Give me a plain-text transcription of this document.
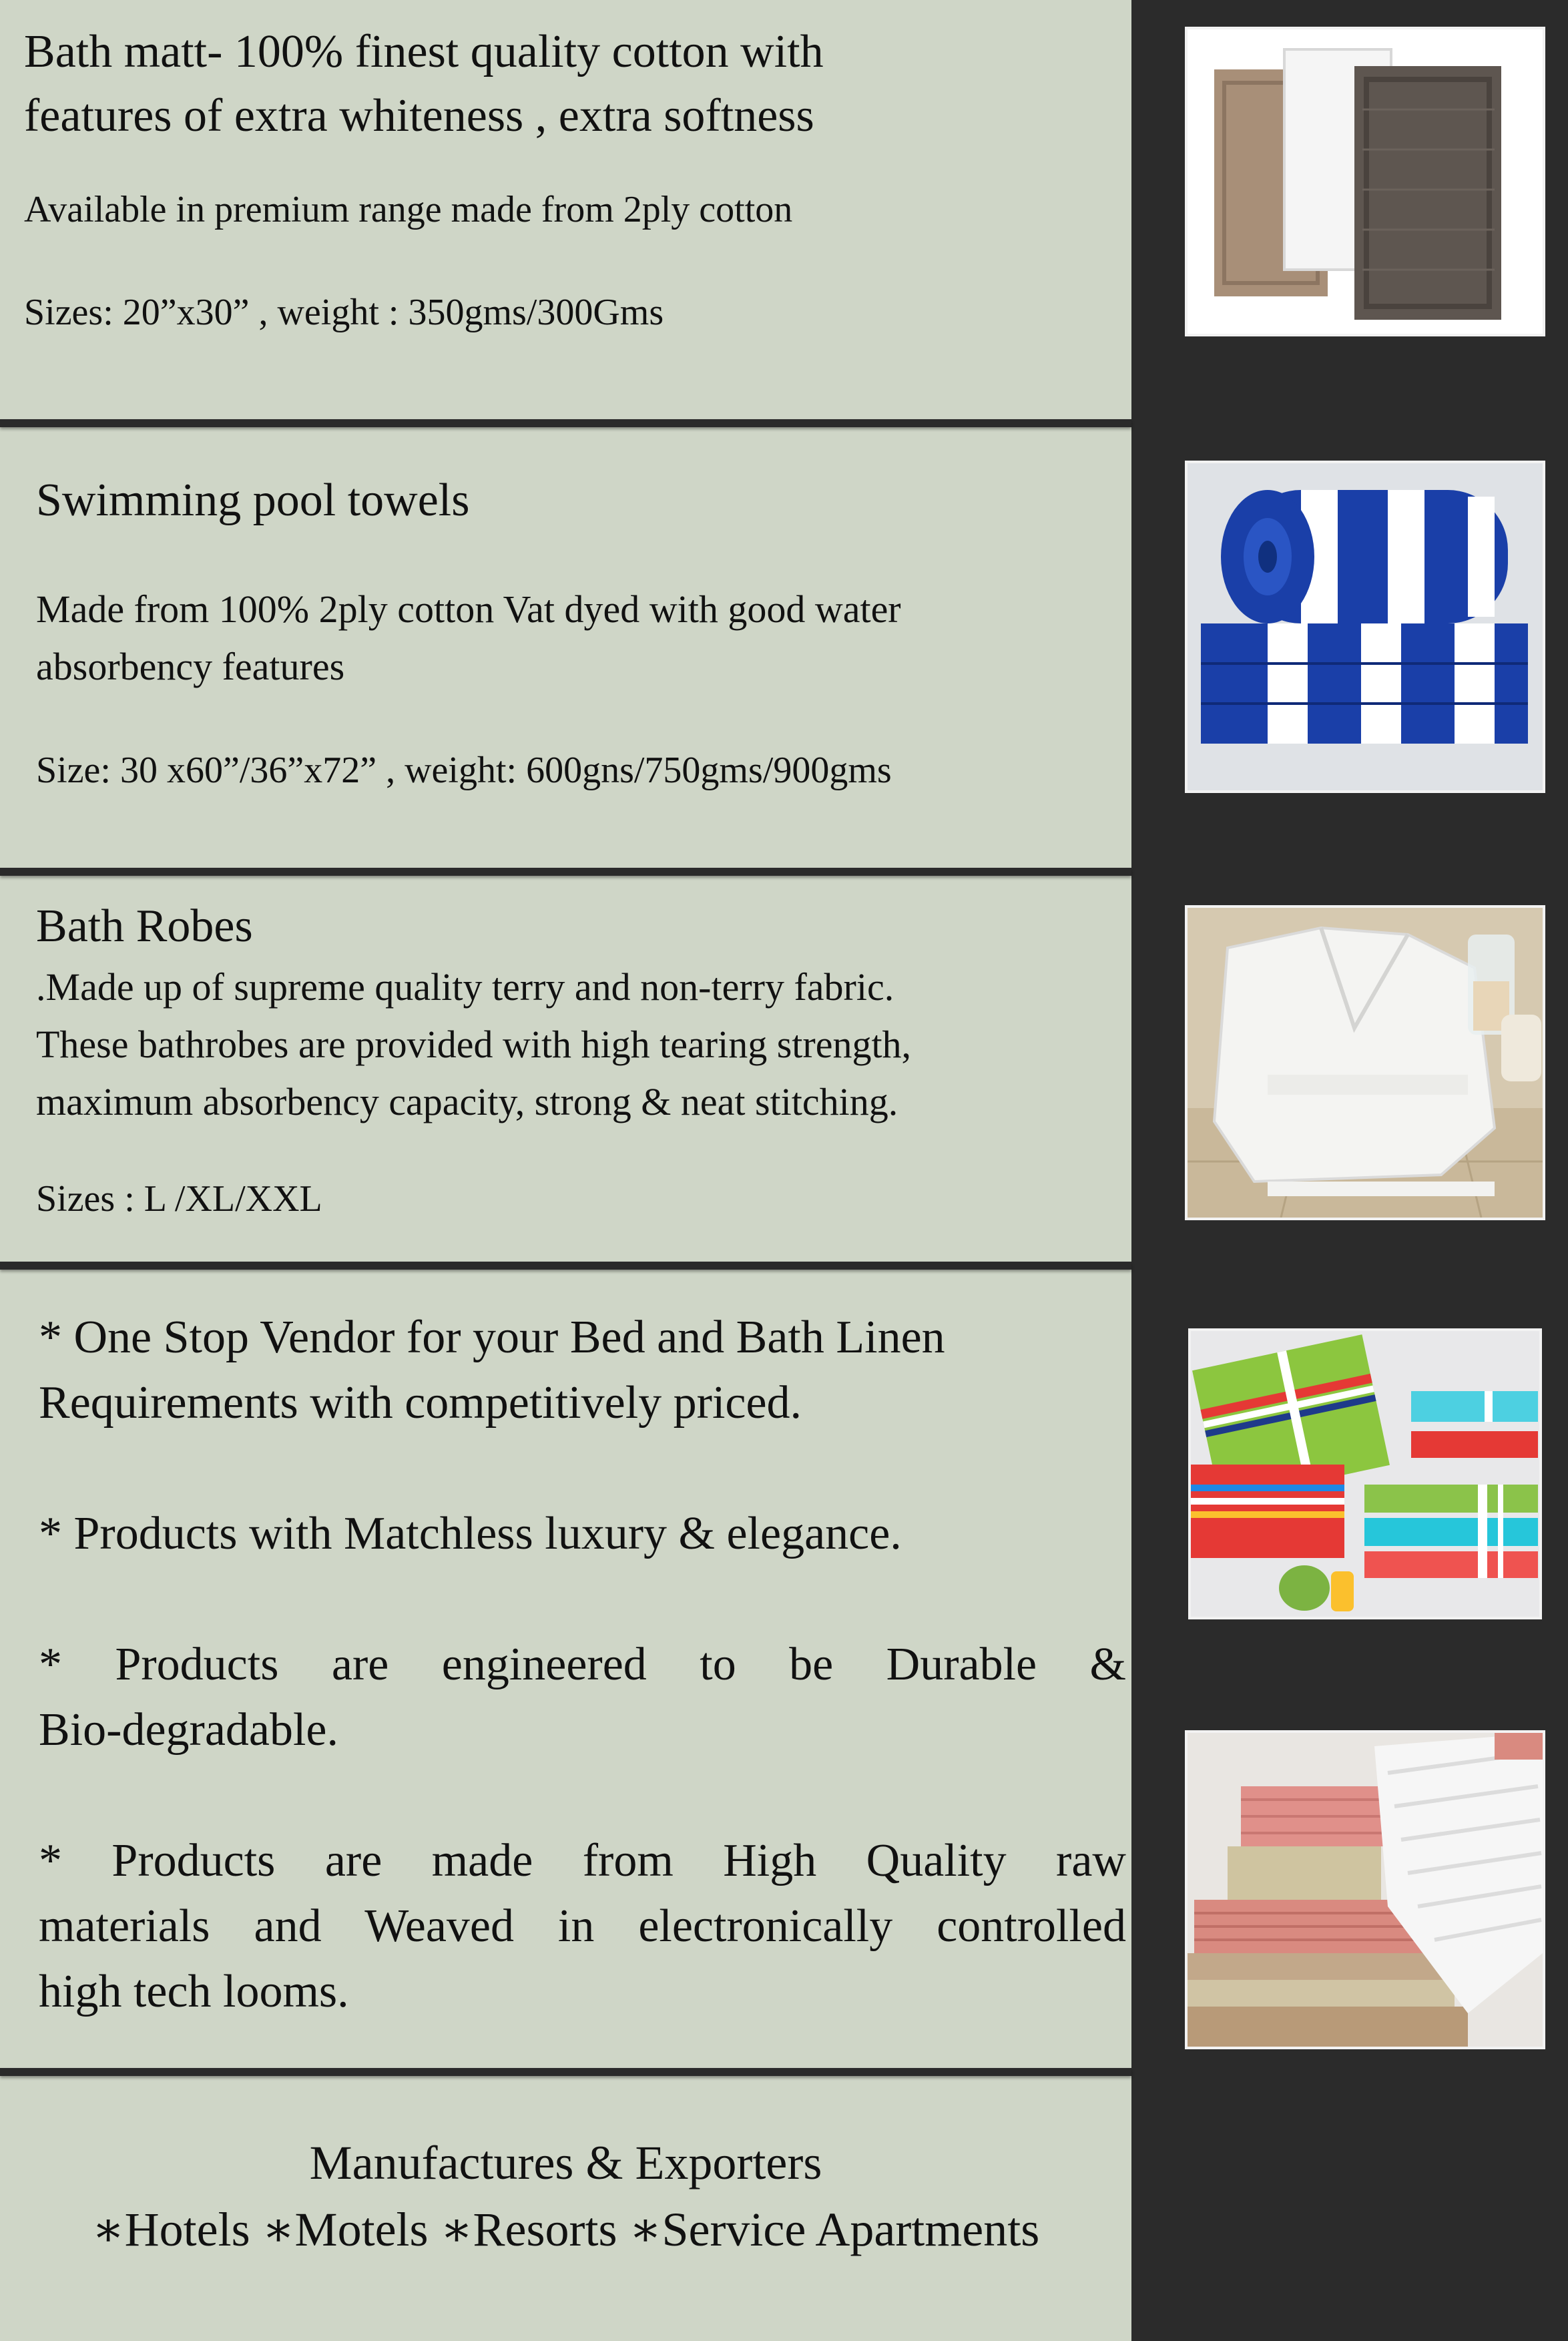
Bath matt- 100% finest quality cotton with

features of extra whiteness , extra softness

Available in premium range made from 2ply cotton

Sizes: 20”x30” , weight : 350gms/300Gms

Swimming pool towels

Made from 100% 2ply cotton Vat dyed with good water

absorbency features

Size: 30 x60”/36”x72” , weight: 600gns/750gms/900gms

Bath Robes

.Made up of supreme quality terry and non-terry fabric.

These bathrobes are provided with high tearing strength,

maximum absorbency capacity, strong & neat stitching.

Sizes : L /XL/XXL

* One Stop Vendor for your Bed and Bath Linen

Requirements with competitively priced.

* Products with Matchless luxury & elegance.

* Products are engineered to be Durable &

Bio-degradable.

* Products are made from High Quality raw

materials and Weaved in electronically controlled

high tech looms.

Manufactures & Exporters

∗Hotels ∗Motels ∗Resorts ∗Service Apartments
